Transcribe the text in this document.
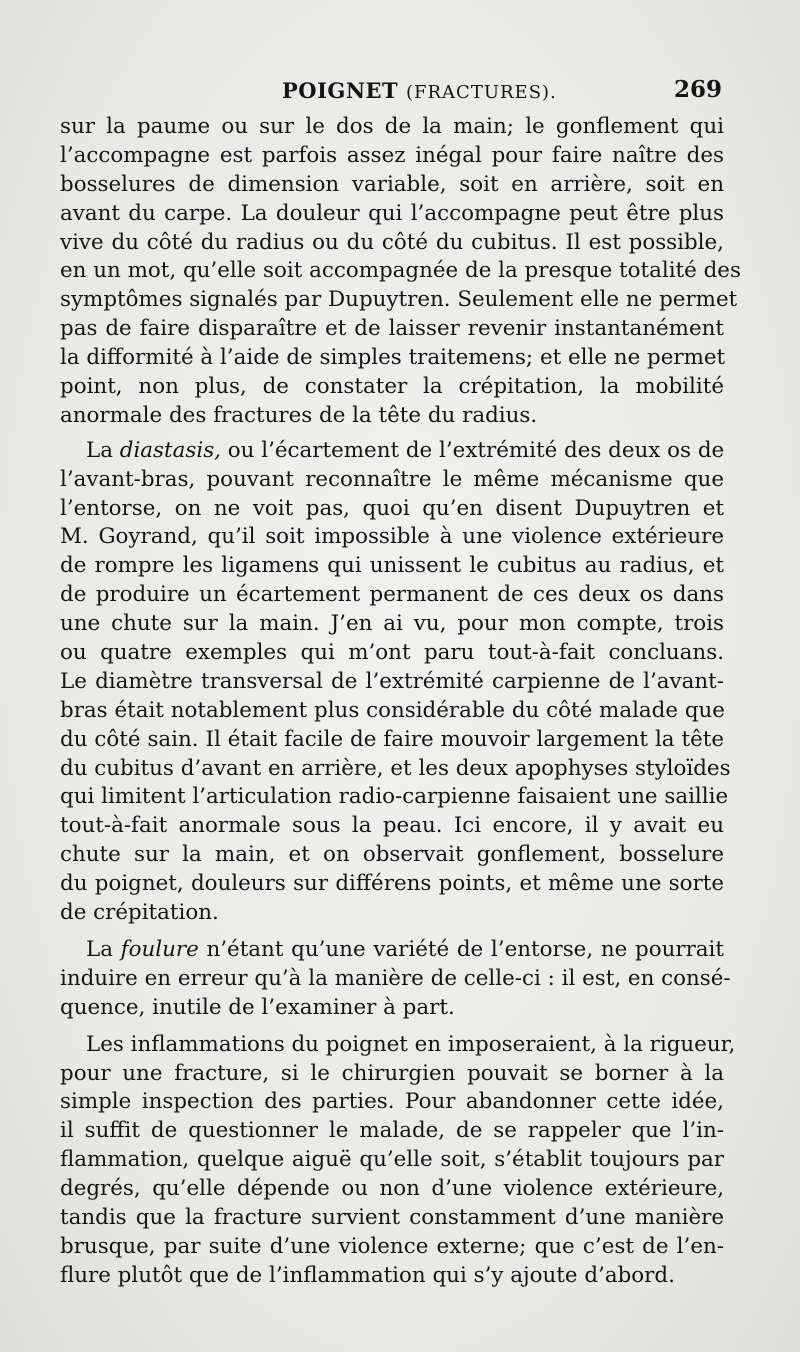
POIGNET (FRACTURES).	269
sur la paume ou sur le dos de la main; le gonflement qui
l’accompagne est parfois assez inégal pour faire naître des
bosselures de dimension variable, soit en arrière, soit en
avant du carpe. La douleur qui l’accompagne peut être plus
vive du côté du radius ou du côté du cubitus. Il est possible,
en un mot, qu’elle soit accompagnée de la presque totalité des
symptômes signalés par Dupuytren. Seulement elle ne permet
pas de faire disparaître et de laisser revenir instantanément
la difformité à l’aide de simples traitemens; et elle ne permet
point, non plus, de constater la crépitation, la mobilité
anormale des fractures de la tête du radius.
La diastasis, ou l’écartement de l’extrémité des deux os de
l’avant-bras, pouvant reconnaître le même mécanisme que
l’entorse, on ne voit pas, quoi qu’en disent Dupuytren et
M. Goyrand, qu’il soit impossible à une violence extérieure
de rompre les ligamens qui unissent le cubitus au radius, et
de produire un écartement permanent de ces deux os dans
une chute sur la main. J’en ai vu, pour mon compte, trois
ou quatre exemples qui m’ont paru tout-à-fait concluans.
Le diamètre transversal de l’extrémité carpienne de l’avant-
bras était notablement plus considérable du côté malade que
du côté sain. Il était facile de faire mouvoir largement la tête
du cubitus d’avant en arrière, et les deux apophyses styloïdes
qui limitent l’articulation radio-carpienne faisaient une saillie
tout-à-fait anormale sous la peau. Ici encore, il y avait eu
chute sur la main, et on observait gonflement, bosselure
du poignet, douleurs sur différens points, et même une sorte
de crépitation.
La foulure n’étant qu’une variété de l’entorse, ne pourrait
induire en erreur qu’à la manière de celle-ci : il est, en consé-
quence, inutile de l’examiner à part.
Les inflammations du poignet en imposeraient, à la rigueur,
pour une fracture, si le chirurgien pouvait se borner à la
simple inspection des parties. Pour abandonner cette idée,
il suffit de questionner le malade, de se rappeler que l’in-
flammation, quelque aiguë qu’elle soit, s’établit toujours par
degrés, qu’elle dépende ou non d’une violence extérieure,
tandis que la fracture survient constamment d’une manière
brusque, par suite d’une violence externe; que c’est de l’en-
flure plutôt que de l’inflammation qui s’y ajoute d’abord.
